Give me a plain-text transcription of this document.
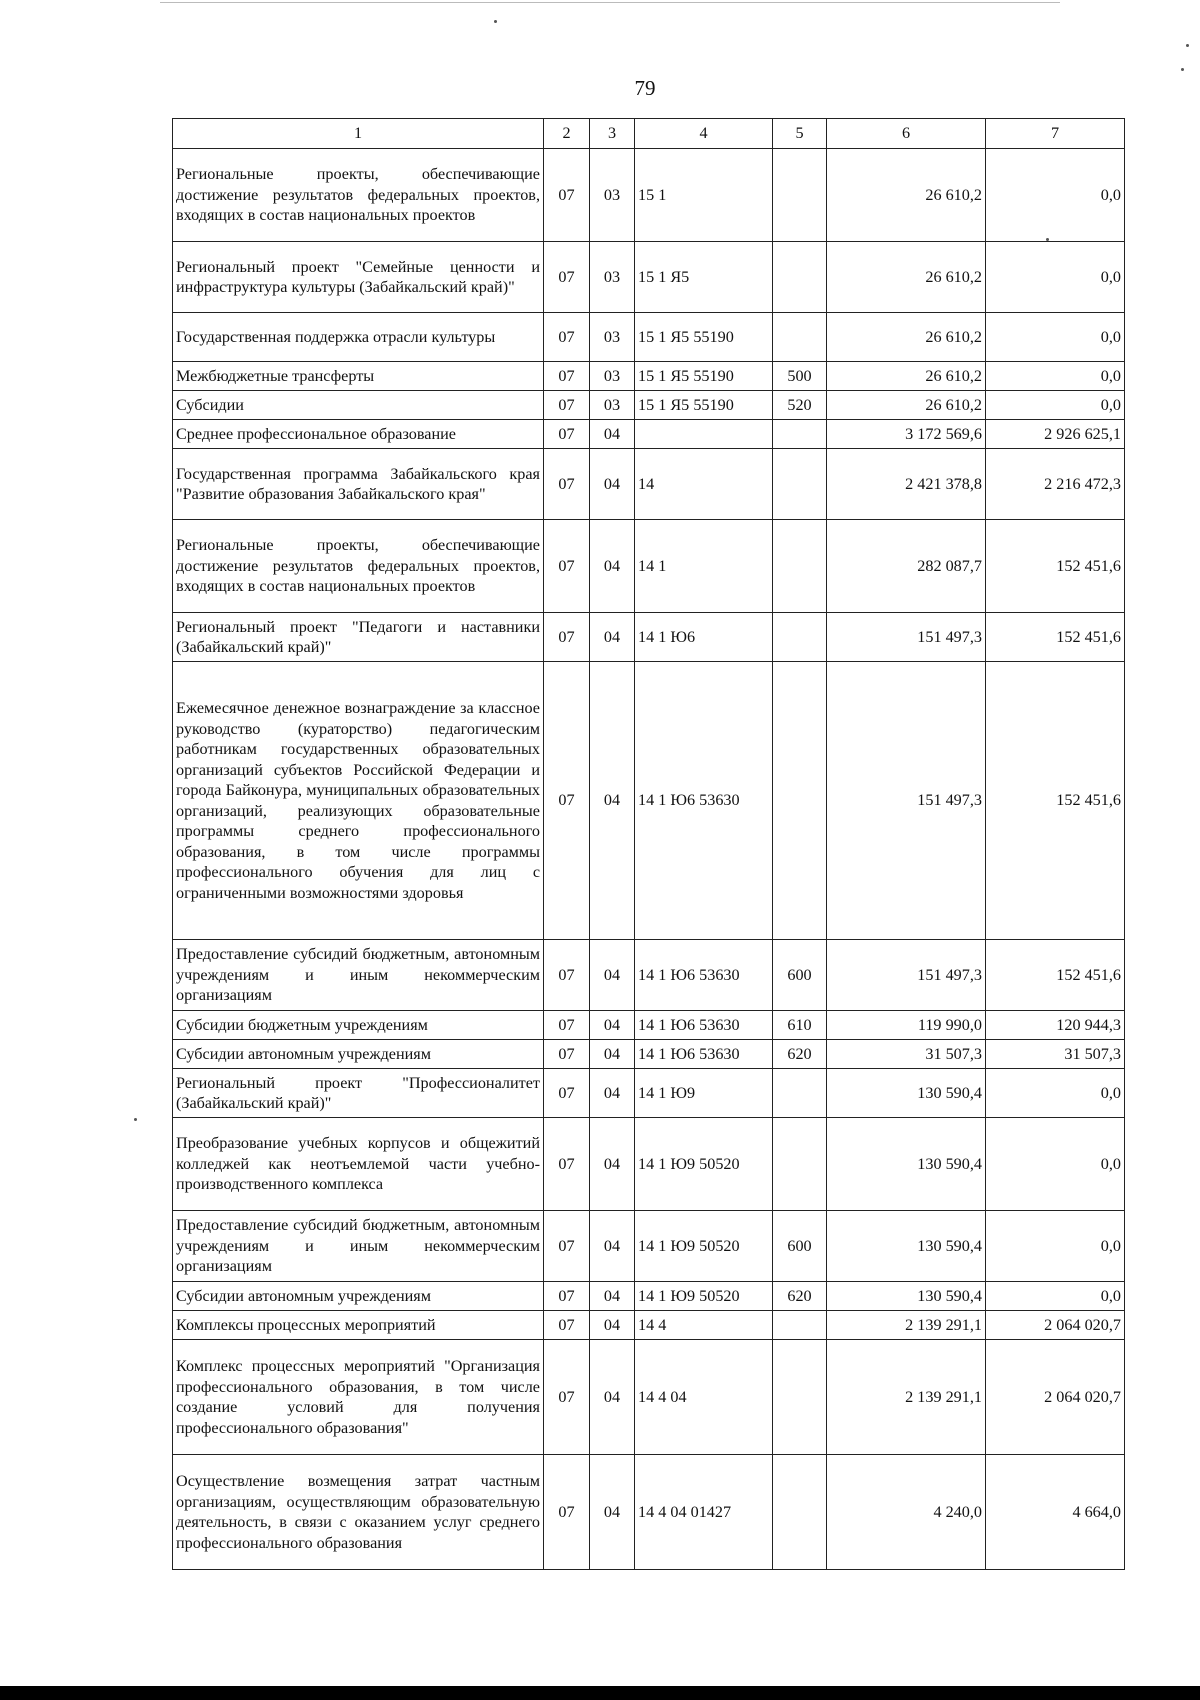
79
1	2	3	4	5	6	7
Региональные проекты, обеспечивающие достижение результатов федеральных проектов, входящих в состав национальных проектов	07	03	15 1		26 610,2	0,0
Региональный проект "Семейные ценности и инфраструктура культуры (Забайкальский край)"	07	03	15 1 Я5		26 610,2	0,0
Государственная поддержка отрасли культуры	07	03	15 1 Я5 55190		26 610,2	0,0
Межбюджетные трансферты	07	03	15 1 Я5 55190	500	26 610,2	0,0
Субсидии	07	03	15 1 Я5 55190	520	26 610,2	0,0
Среднее профессиональное образование	07	04			3 172 569,6	2 926 625,1
Государственная программа Забайкальского края "Развитие образования Забайкальского края"	07	04	14		2 421 378,8	2 216 472,3
Региональные проекты, обеспечивающие достижение результатов федеральных проектов, входящих в состав национальных проектов	07	04	14 1		282 087,7	152 451,6
Региональный проект "Педагоги и наставники (Забайкальский край)"	07	04	14 1 Ю6		151 497,3	152 451,6
Ежемесячное денежное вознаграждение за классное руководство (кураторство) педагогическим работникам государственных образовательных организаций субъектов Российской Федерации и города Байконура, муниципальных образовательных организаций, реализующих образовательные программы среднего профессионального образования, в том числе программы профессионального обучения для лиц с ограниченными возможностями здоровья	07	04	14 1 Ю6 53630		151 497,3	152 451,6
Предоставление субсидий бюджетным, автономным учреждениям и иным некоммерческим организациям	07	04	14 1 Ю6 53630	600	151 497,3	152 451,6
Субсидии бюджетным учреждениям	07	04	14 1 Ю6 53630	610	119 990,0	120 944,3
Субсидии автономным учреждениям	07	04	14 1 Ю6 53630	620	31 507,3	31 507,3
Региональный проект "Профессионалитет (Забайкальский край)"	07	04	14 1 Ю9		130 590,4	0,0
Преобразование учебных корпусов и общежитий колледжей как неотъемлемой части учебно-производственного комплекса	07	04	14 1 Ю9 50520		130 590,4	0,0
Предоставление субсидий бюджетным, автономным учреждениям и иным некоммерческим организациям	07	04	14 1 Ю9 50520	600	130 590,4	0,0
Субсидии автономным учреждениям	07	04	14 1 Ю9 50520	620	130 590,4	0,0
Комплексы процессных мероприятий	07	04	14 4		2 139 291,1	2 064 020,7
Комплекс процессных мероприятий "Организация профессионального образования, в том числе создание условий для получения профессионального образования"	07	04	14 4 04		2 139 291,1	2 064 020,7
Осуществление возмещения затрат частным организациям, осуществляющим образовательную деятельность, в связи с оказанием услуг среднего профессионального образования	07	04	14 4 04 01427		4 240,0	4 664,0
